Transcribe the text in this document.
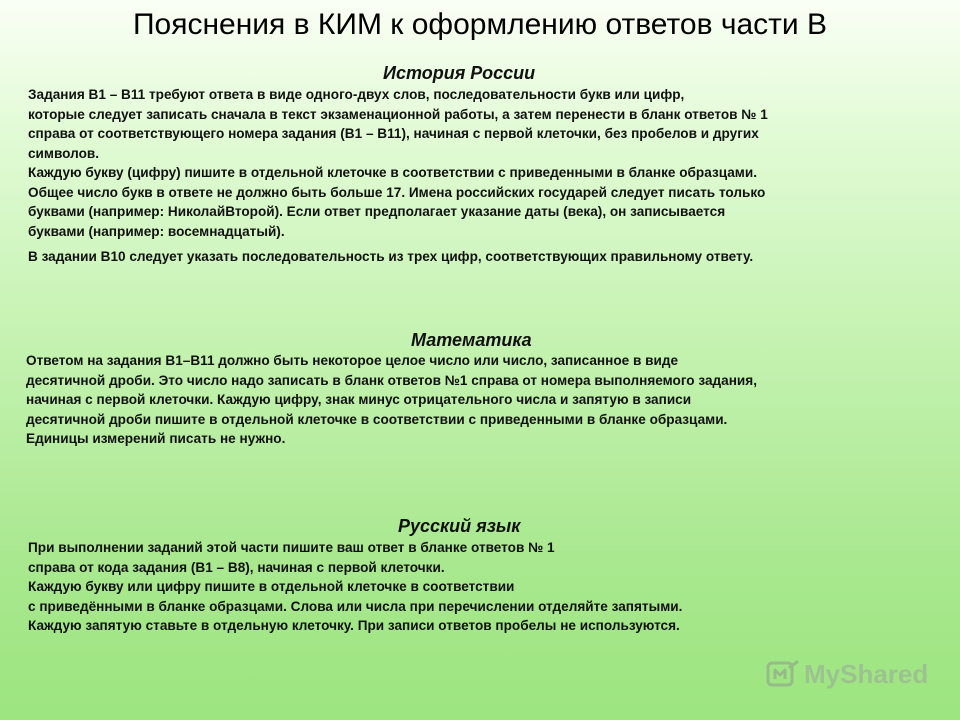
Пояснения в КИМ к оформлению ответов части В
История России
Задания В1 – В11 требуют ответа в виде одного-двух слов, последовательности букв или цифр,
которые следует записать сначала в текст экзаменационной работы, а затем перенести в бланк ответов № 1
справа от соответствующего номера задания (В1 – В11), начиная с первой клеточки, без пробелов и других
символов.
Каждую букву (цифру) пишите в отдельной клеточке в соответствии с приведенными в бланке образцами.
Общее число букв в ответе не должно быть больше 17. Имена российских государей следует писать только
буквами (например: НиколайВторой). Если ответ предполагает указание даты (века), он записывается
буквами (например: восемнадцатый).

В задании В10 следует указать последовательность из трех цифр, соответствующих правильному ответу.

Математика
Ответом на задания В1–В11 должно быть некоторое целое число или число, записанное в виде
десятичной дроби. Это число надо записать в бланк ответов №1 справа от номера выполняемого задания,
начиная с первой клеточки. Каждую цифру, знак минус отрицательного числа и запятую в записи
десятичной дроби пишите в отдельной клеточке в соответствии с приведенными в бланке образцами.
Единицы измерений писать не нужно.
Русский язык
При выполнении заданий этой части пишите ваш ответ в бланке ответов № 1
справа от кода задания (В1 – В8), начиная с первой клеточки.
Каждую букву или цифру пишите в отдельной клеточке в соответствии
с приведёнными в бланке образцами. Слова или числа при перечислении отделяйте запятыми.
Каждую запятую ставьте в отдельную клеточку. При записи ответов пробелы не используются.
MyShared
